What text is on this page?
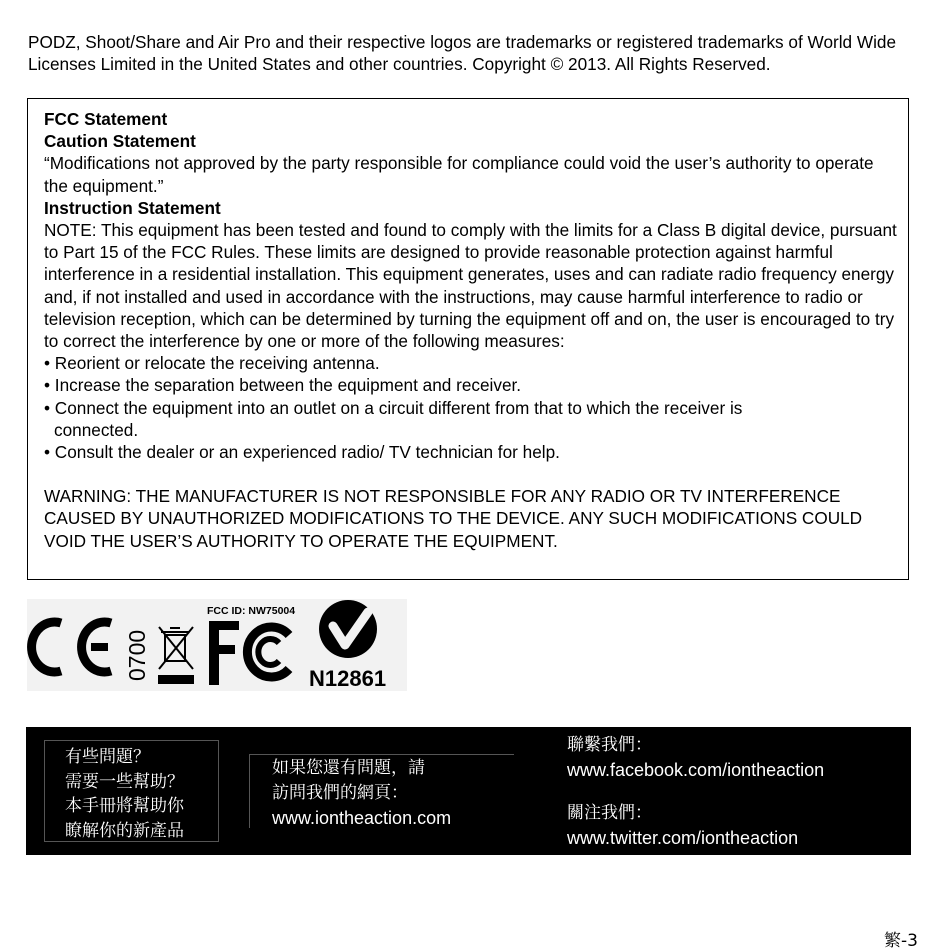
PODZ, Shoot/Share and Air Pro and their respective logos are trademarks or registered trademarks of World Wide Licenses Limited in the United States and other countries. Copyright © 2013. All Rights Reserved.

FCC Statement

Caution Statement

“Modifications not approved by the party responsible for compliance could void the user’s authority to operate the equipment.”

Instruction Statement

NOTE: This equipment has been tested and found to comply with the limits for a Class B digital device, pursuant to Part 15 of the FCC Rules. These limits are designed to provide reasonable protection against harmful interference in a residential installation. This equipment generates, uses and can radiate radio frequency energy and, if not installed and used in accordance with the instructions, may cause harmful interference to radio or television reception, which can be determined by turning the equipment off and on, the user is encouraged to try to correct the interference by one or more of the following measures:

• Reorient or relocate the receiving antenna.

• Increase the separation between the equipment and receiver.

• Connect the equipment into an outlet on a circuit different from that to which the receiver is

connected.

• Consult the dealer or an experienced radio/ TV technician for help.

WARNING: THE MANUFACTURER IS NOT RESPONSIBLE FOR ANY RADIO OR TV INTERFERENCE CAUSED BY UNAUTHORIZED MODIFICATIONS TO THE DEVICE. ANY SUCH MODIFICATIONS COULD VOID THE USER’S AUTHORITY TO OPERATE THE EQUIPMENT.

0700
FCC ID: NW75004
N12861
有些問題？
需要一些幫助？
本手冊將幫助你
瞭解你的新產品
如果您還有問題，請
訪問我們的網頁：
www.iontheaction.com
聯繫我們：
www.facebook.com/iontheaction
關注我們：
www.twitter.com/iontheaction
繁-3
